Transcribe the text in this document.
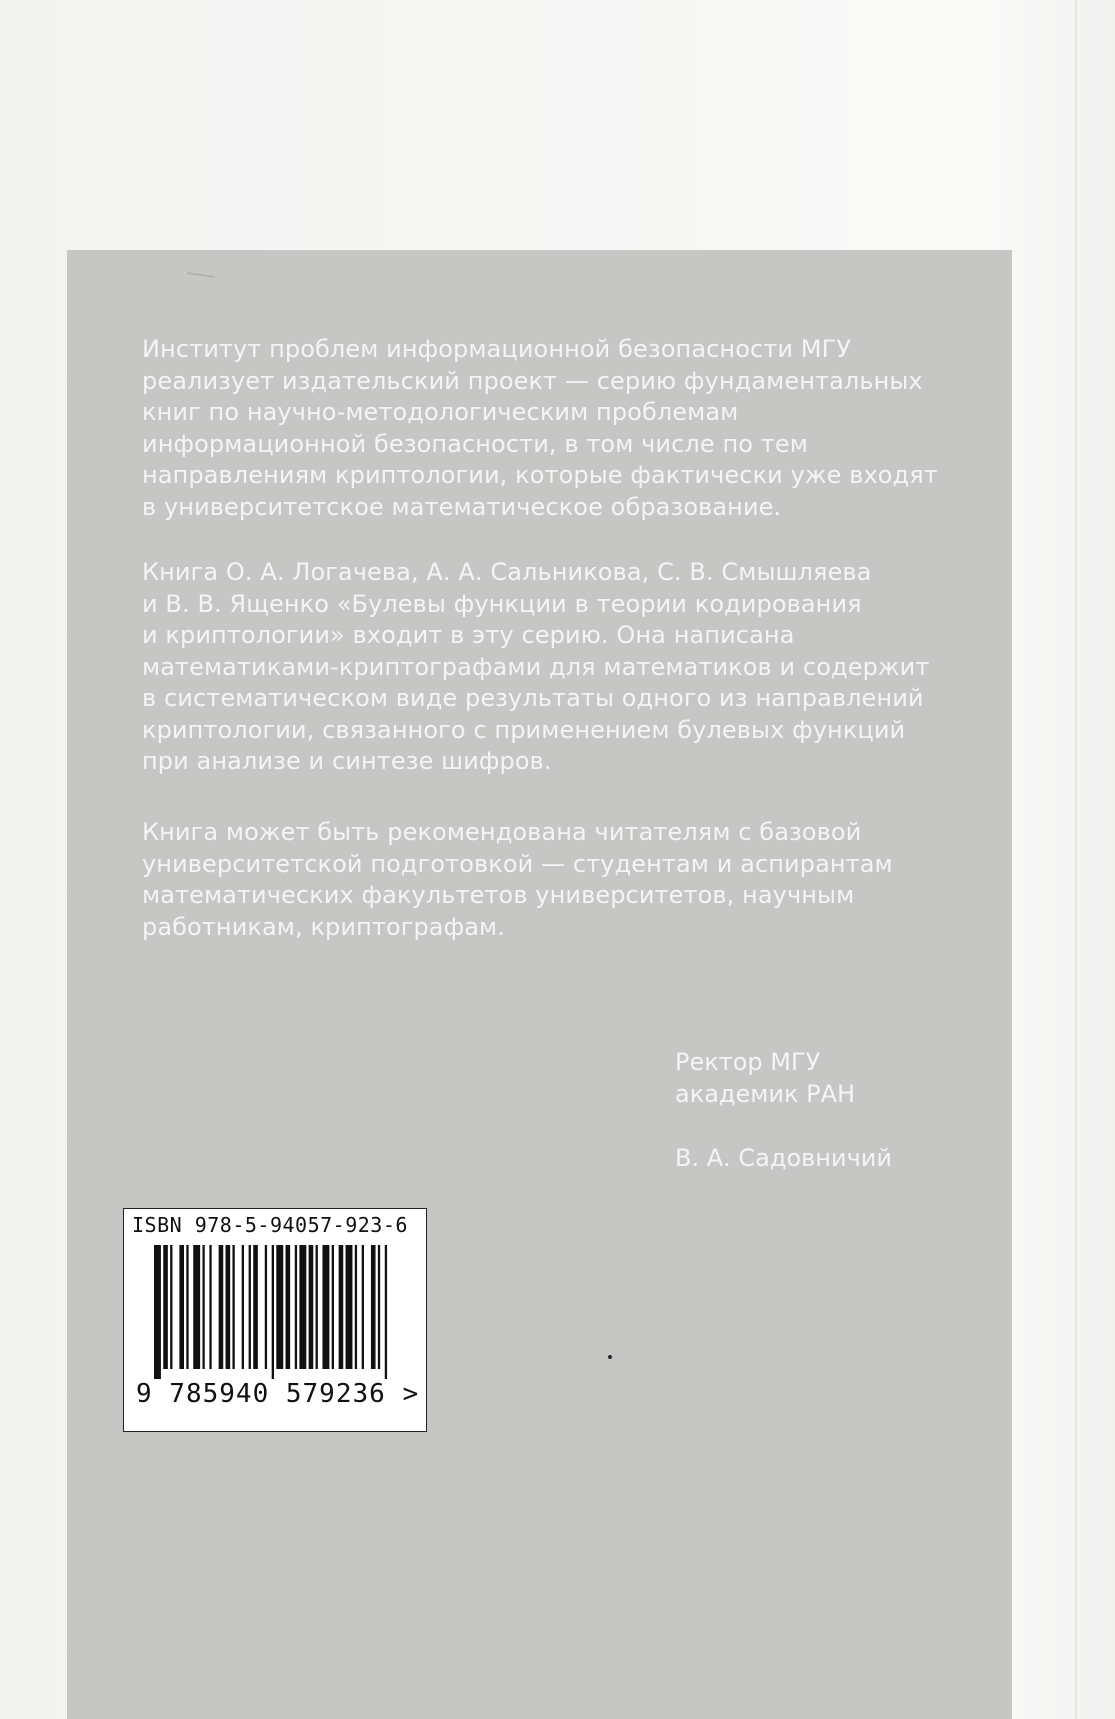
Институт проблем информационной безопасности МГУ
реализует издательский проект — серию фундаментальных
книг по научно-методологическим проблемам
информационной безопасности, в том числе по тем
направлениям криптологии, которые фактически уже входят
в университетское математическое образование.
Книга О. А. Логачева, А. А. Сальникова, С. В. Смышляева
и В. В. Ященко «Булевы функции в теории кодирования
и криптологии» входит в эту серию. Она написана
математиками-криптографами для математиков и содержит
в систематическом виде результаты одного из направлений
криптологии, связанного с применением булевых функций
при анализе и синтезе шифров.
Книга может быть рекомендована читателям с базовой
университетской подготовкой — студентам и аспирантам
математических факультетов университетов, научным
работникам, криптографам.
Ректор МГУ
академик РАН
В. А. Садовничий
ISBN 978-5-94057-923-6
9 785940 579236 >
